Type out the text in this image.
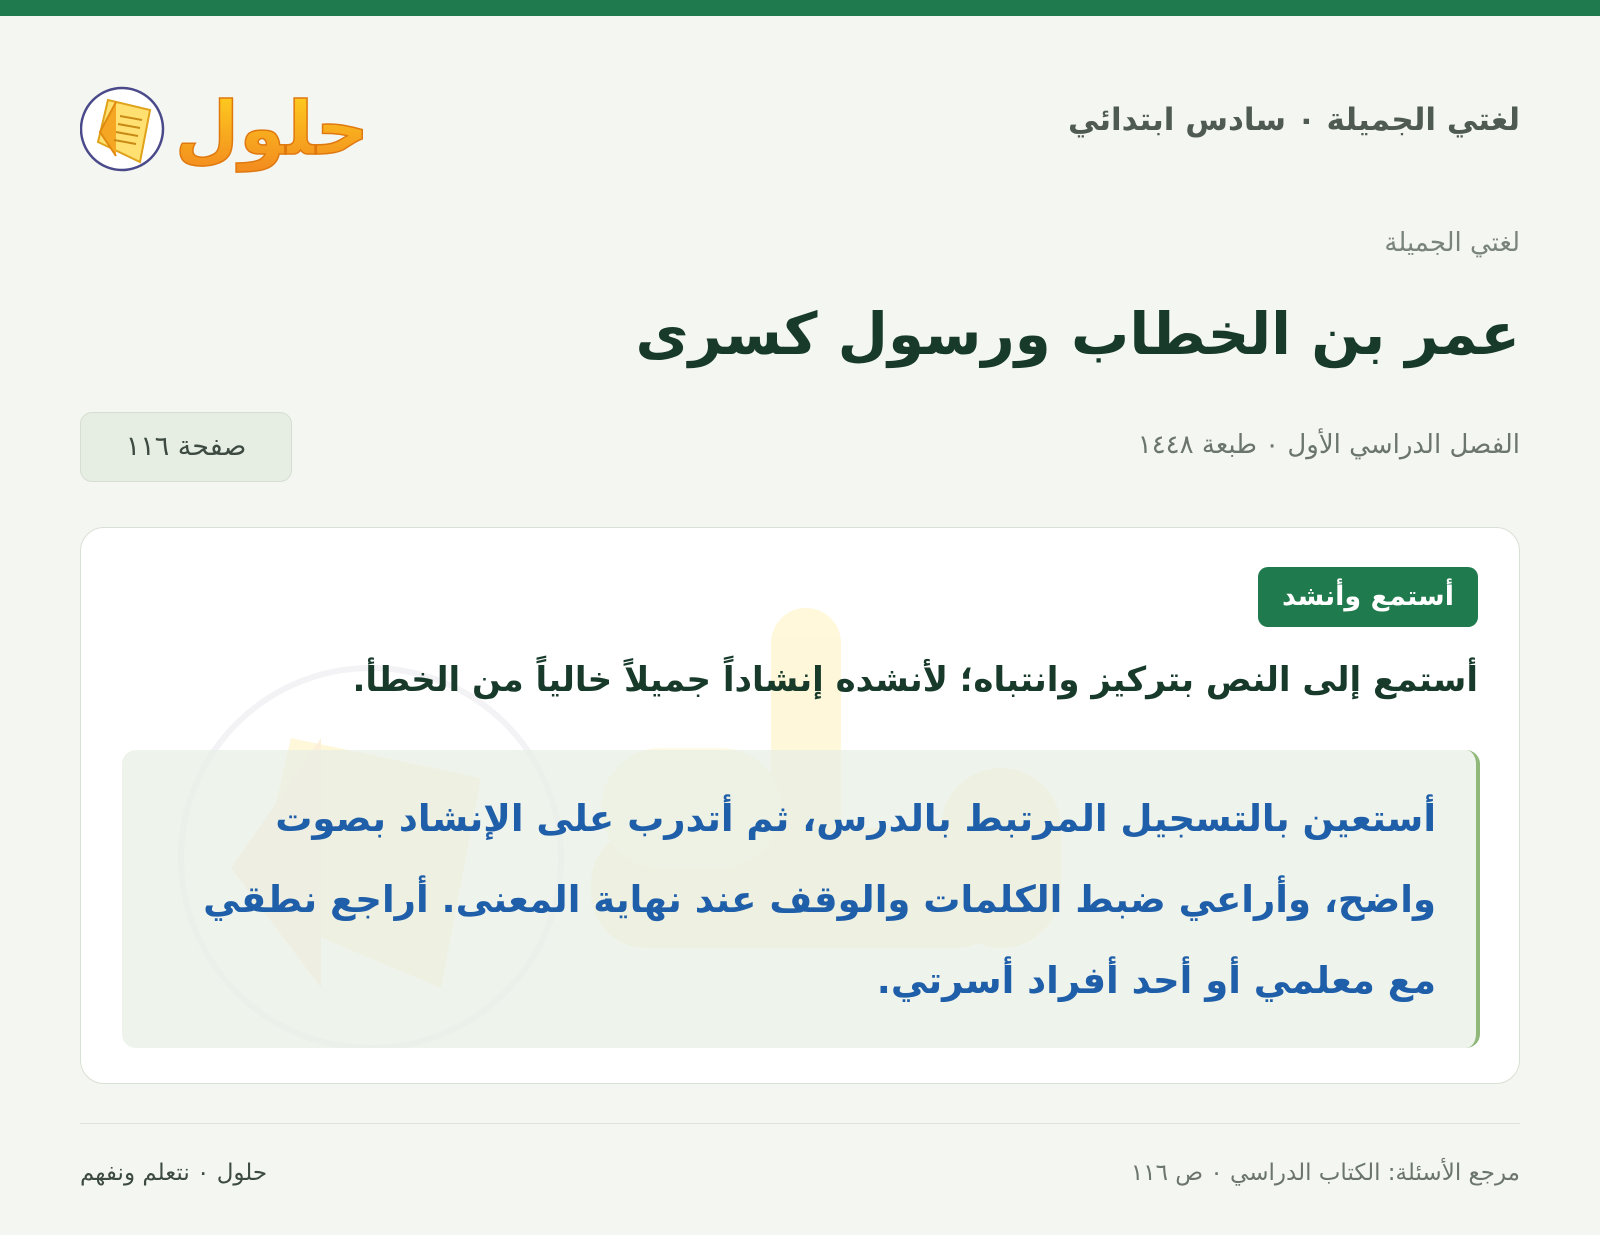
لغتي الجميلة ٠ سادس ابتدائي
حلول
لغتي الجميلة
عمر بن الخطاب ورسول كسرى
الفصل الدراسي الأول ٠ طبعة ١٤٤٨
صفحة ١١٦
أستمع وأنشد
أستمع إلى النص بتركيز وانتباه؛ لأنشده إنشاداً جميلاً خالياً من الخطأ.
أستعين بالتسجيل المرتبط بالدرس، ثم أتدرب على الإنشاد بصوت واضح، وأراعي ضبط الكلمات والوقف عند نهاية المعنى. أراجع نطقي مع معلمي أو أحد أفراد أسرتي.
مرجع الأسئلة: الكتاب الدراسي ٠ ص ١١٦
حلول ٠ نتعلم ونفهم
